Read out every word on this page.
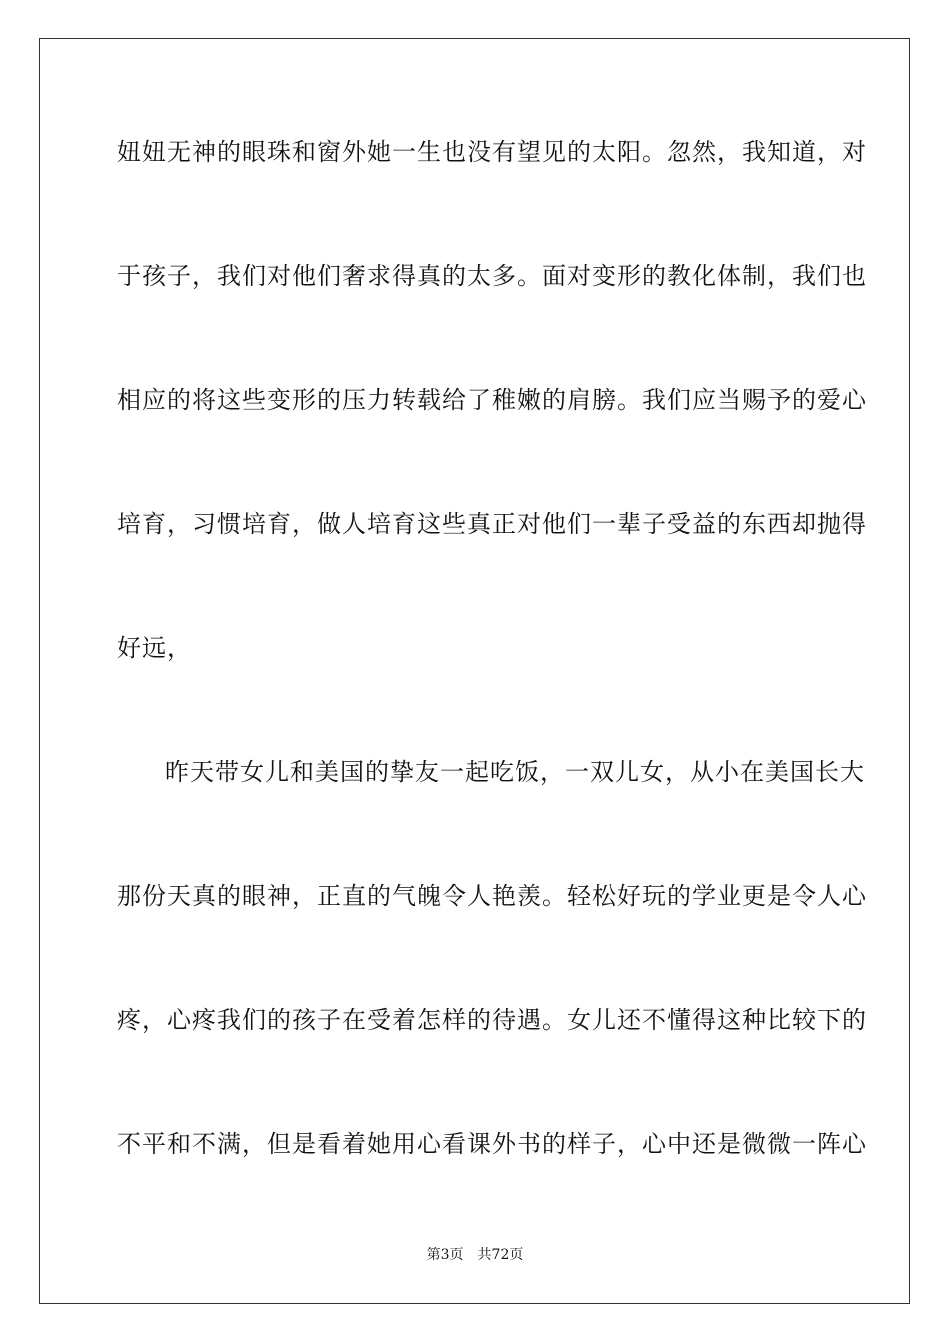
妞妞无神的眼珠和窗外她一生也没有望见的太阳。忽然，我知道，对
于孩子，我们对他们奢求得真的太多。面对变形的教化体制，我们也
相应的将这些变形的压力转载给了稚嫩的肩膀。我们应当赐予的爱心
培育，习惯培育，做人培育这些真正对他们一辈子受益的东西却抛得
好远，
昨天带女儿和美国的挚友一起吃饭，一双儿女，从小在美国长大
那份天真的眼神，正直的气魄令人艳羡。轻松好玩的学业更是令人心
疼，心疼我们的孩子在受着怎样的待遇。女儿还不懂得这种比较下的
不平和不满，但是看着她用心看课外书的样子，心中还是微微一阵心
第3页 共72页
